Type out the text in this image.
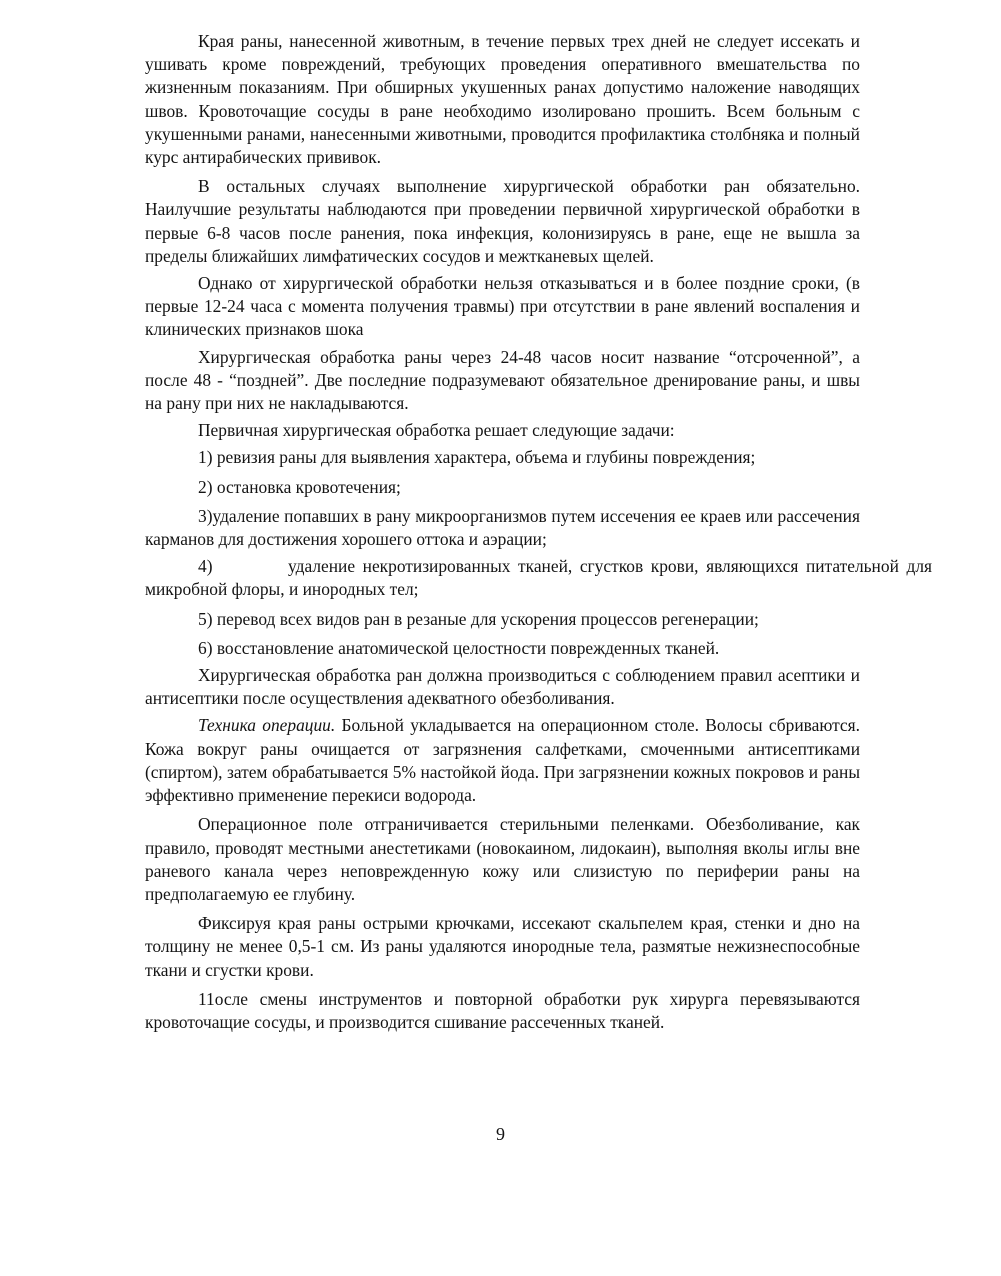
Края раны, нанесенной животным, в течение первых трех дней не следует иссекать и ушивать кроме повреждений, требующих проведения оперативного вмешательства по жизненным показаниям. При обширных укушенных ранах допустимо наложение наводящих швов. Кровоточащие сосуды в ране необходимо изолировано прошить. Всем больным с укушенными ранами, нанесенными животными, проводится профилактика столбняка и полный курс антирабических прививок.

В остальных случаях выполнение хирургической обработки ран обязательно. Наилучшие результаты наблюдаются при проведении первичной хирургической обработки в первые 6-8 часов после ранения, пока инфекция, колонизируясь в ране, еще не вышла за пределы ближайших лимфатических сосудов и межтканевых щелей.

Однако от хирургической обработки нельзя отказываться и в более поздние сроки, (в первые 12-24 часа с момента получения травмы) при отсутствии в ране явлений воспаления и клинических признаков шока

Хирургическая обработка раны через 24-48 часов носит название “отсроченной”, а после 48 - “поздней”. Две последние подразумевают обязательное дренирование раны, и швы на рану при них не накладываются.

Первичная хирургическая обработка решает следующие задачи:

1) ревизия раны для выявления характера, объема и глубины повреждения;

2) остановка кровотечения;

3)удаление попавших в рану микроорганизмов путем иссечения ее краев или рассечения карманов для достижения хорошего оттока и аэрации;

4)	удаление некротизированных тканей, сгустков крови, являющихся питательной для микробной флоры, и инородных тел;

5) перевод всех видов ран в резаные для ускорения процессов регенерации;

6) восстановление анатомической целостности поврежденных тканей.

Хирургическая обработка ран должна производиться с соблюдением правил асептики и антисептики после осуществления адекватного обезболивания.

Техника операции. Больной укладывается на операционном столе. Волосы сбриваются. Кожа вокруг раны очищается от загрязнения салфетками, смоченными антисептиками (спиртом), затем обрабатывается 5% настойкой йода. При загрязнении кожных покровов и раны эффективно применение перекиси водорода.

Операционное поле отграничивается стерильными пеленками. Обезболивание, как правило, проводят местными анестетиками (новокаином, лидокаин), выполняя вколы иглы вне раневого канала через неповрежденную кожу или слизистую по периферии раны на предполагаемую ее глубину.

Фиксируя края раны острыми крючками, иссекают скальпелем края, стенки и дно на толщину не менее 0,5-1 см. Из раны удаляются инородные тела, размятые нежизнеспособные ткани и сгустки крови.

11осле смены инструментов и повторной обработки рук хирурга перевязываются кровоточащие сосуды, и производится сшивание рассеченных тканей.

9
